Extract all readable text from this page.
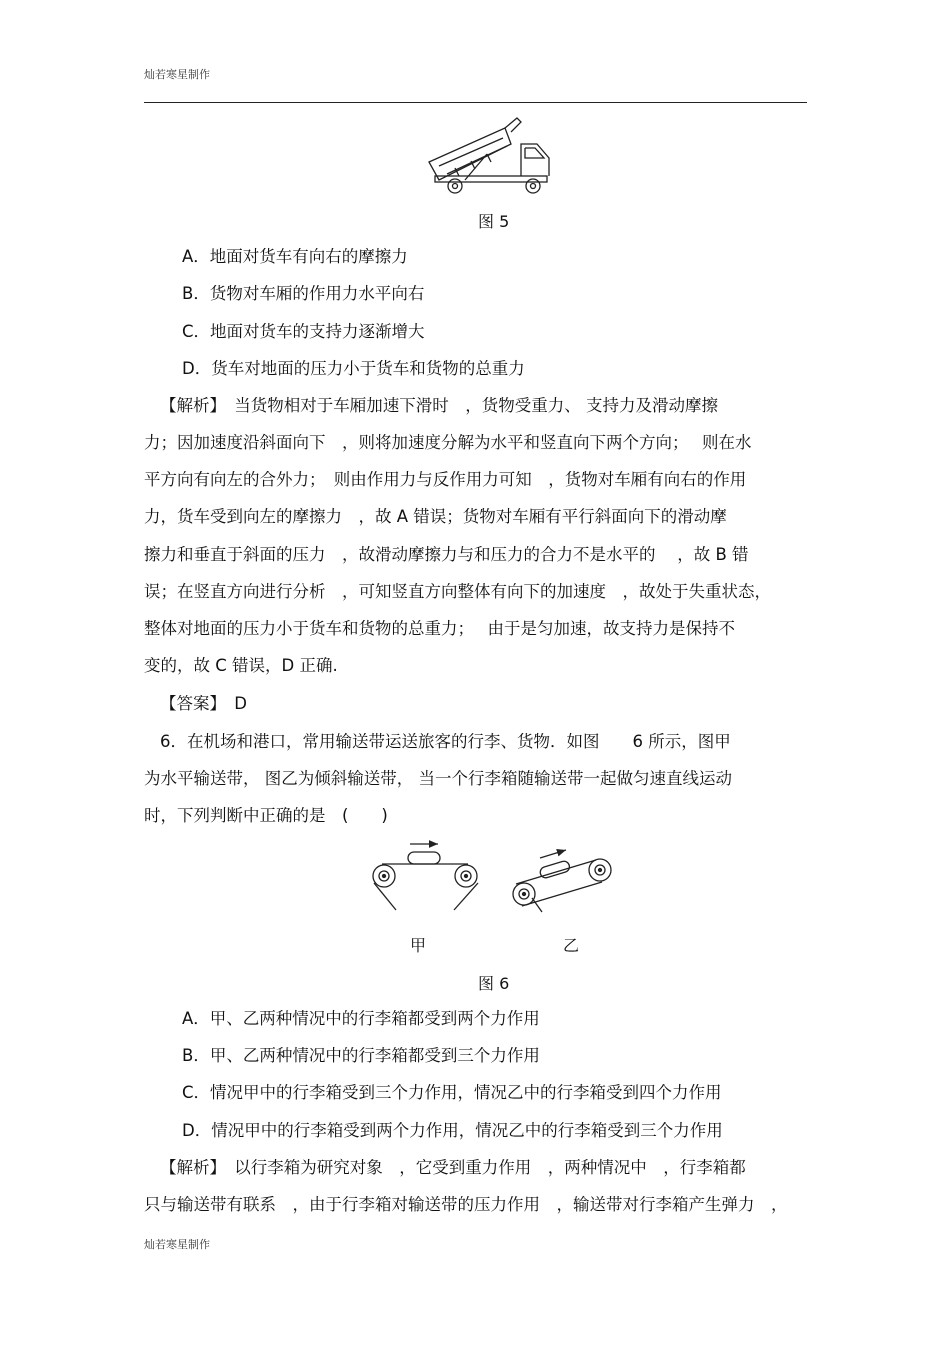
灿若寒星制作
图 5
A．地面对货车有向右的摩擦力
B．货物对车厢的作用力水平向右
C．地面对货车的支持力逐渐增大
D．货车对地面的压力小于货车和货物的总重力
【解析】　当货物相对于车厢加速下滑时　，货物受重力、 支持力及滑动摩擦
力；因加速度沿斜面向下　，则将加速度分解为水平和竖直向下两个方向；　 则在水
平方向有向左的合外力；　则由作用力与反作用力可知　，货物对车厢有向右的作用
力，货车受到向左的摩擦力　，故 A 错误；货物对车厢有平行斜面向下的滑动摩
擦力和垂直于斜面的压力　，故滑动摩擦力与和压力的合力不是水平的　 ，故 B 错
误；在竖直方向进行分析　，可知竖直方向整体有向下的加速度　，故处于失重状态，
整体对地面的压力小于货车和货物的总重力；　 由于是匀加速，故支持力是保持不
变的，故 C 错误，D 正确.
【答案】　D
6．在机场和港口，常用输送带运送旅客的行李、货物．如图　　6 所示，图甲
为水平输送带， 图乙为倾斜输送带， 当一个行李箱随输送带一起做匀速直线运动
时，下列判断中正确的是　(　　)
甲	乙
图 6
A．甲、乙两种情况中的行李箱都受到两个力作用
B．甲、乙两种情况中的行李箱都受到三个力作用
C．情况甲中的行李箱受到三个力作用，情况乙中的行李箱受到四个力作用
D．情况甲中的行李箱受到两个力作用，情况乙中的行李箱受到三个力作用
【解析】　以行李箱为研究对象　，它受到重力作用　，两种情况中　，行李箱都
只与输送带有联系　，由于行李箱对输送带的压力作用　，输送带对行李箱产生弹力　，
灿若寒星制作
